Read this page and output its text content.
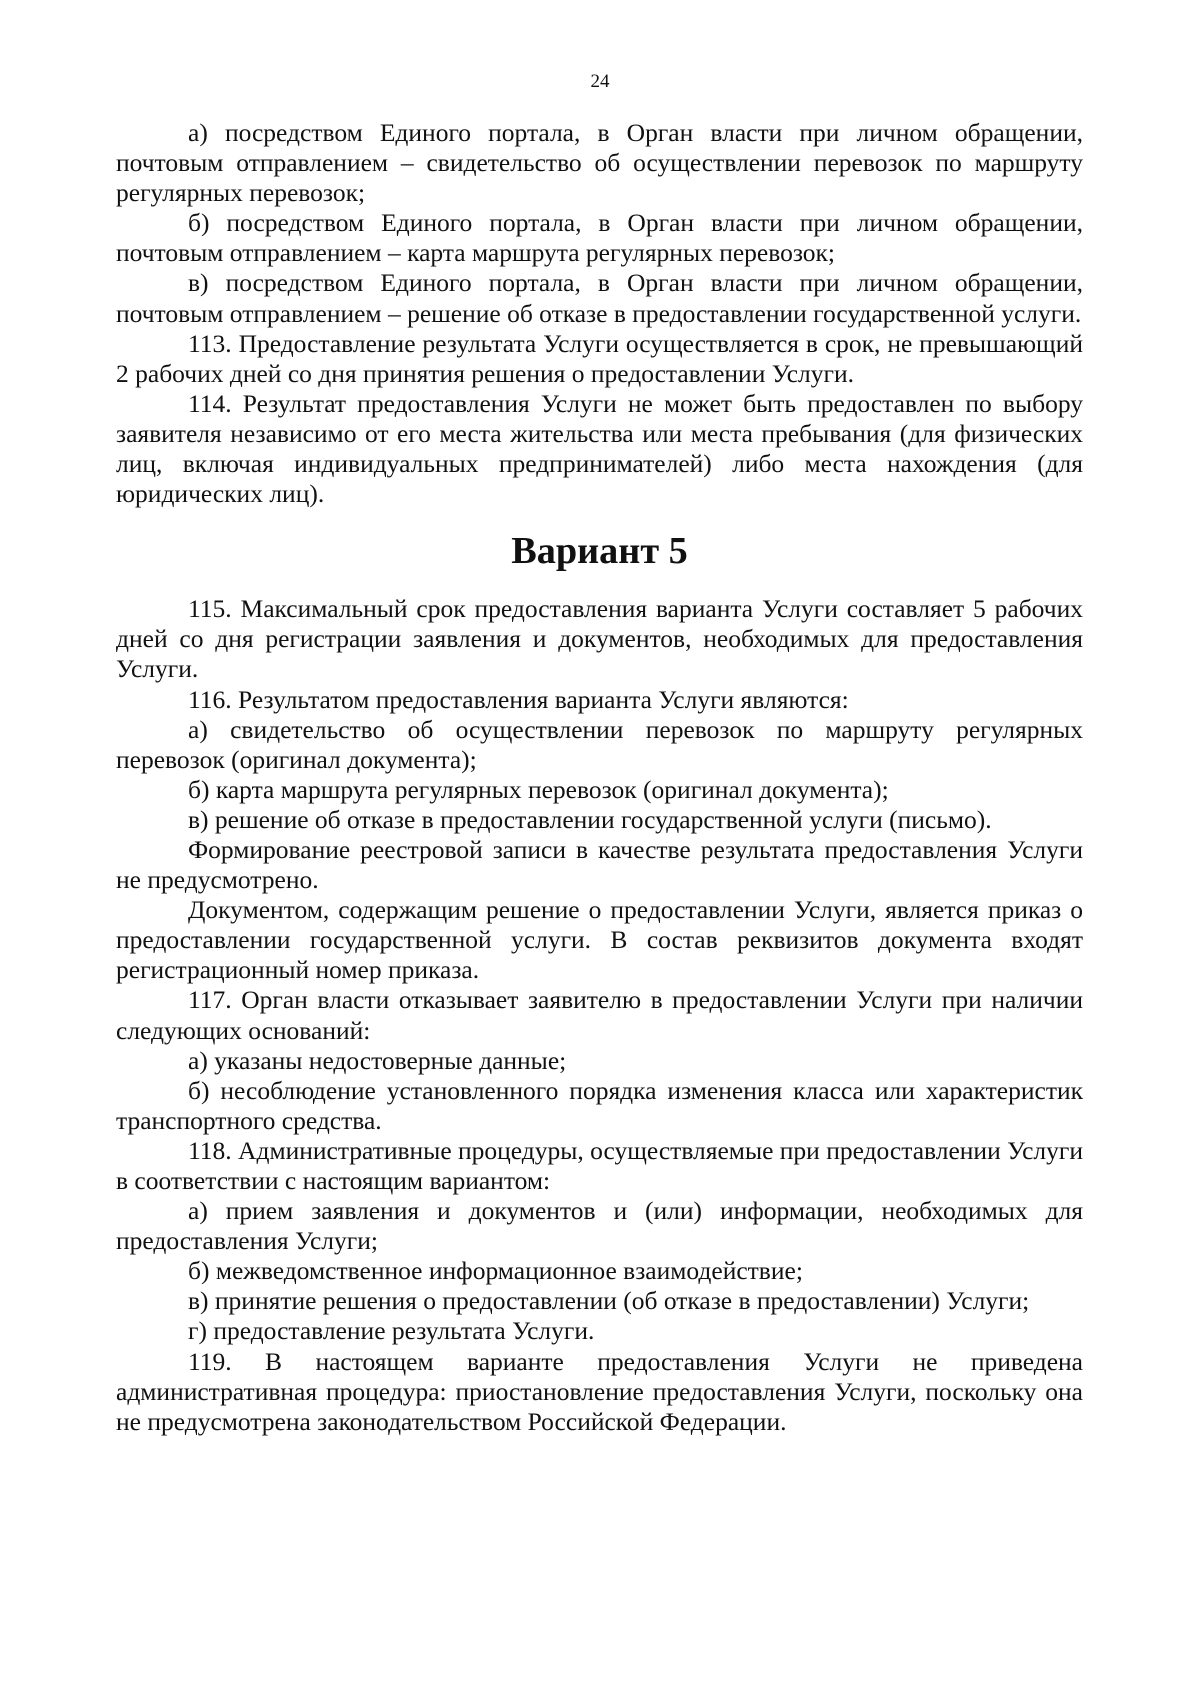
24

а) посредством Единого портала, в Орган власти при личном обращении, почтовым отправлением – свидетельство об осуществлении перевозок по маршруту регулярных перевозок;

б) посредством Единого портала, в Орган власти при личном обращении, почтовым отправлением – карта маршрута регулярных перевозок;

в) посредством Единого портала, в Орган власти при личном обращении, почтовым отправлением – решение об отказе в предоставлении государственной услуги.

113. Предоставление результата Услуги осуществляется в срок, не превышающий 2 рабочих дней со дня принятия решения о предоставлении Услуги.

114. Результат предоставления Услуги не может быть предоставлен по выбору заявителя независимо от его места жительства или места пребывания (для физических лиц, включая индивидуальных предпринимателей) либо места нахождения (для юридических лиц).

Вариант 5

115. Максимальный срок предоставления варианта Услуги составляет 5 рабочих дней со дня регистрации заявления и документов, необходимых для предоставления Услуги.

116. Результатом предоставления варианта Услуги являются:

а) свидетельство об осуществлении перевозок по маршруту регулярных перевозок (оригинал документа);

б) карта маршрута регулярных перевозок (оригинал документа);

в) решение об отказе в предоставлении государственной услуги (письмо).

Формирование реестровой записи в качестве результата предоставления Услуги не предусмотрено.

Документом, содержащим решение о предоставлении Услуги, является приказ о предоставлении государственной услуги. В состав реквизитов документа входят регистрационный номер приказа.

117. Орган власти отказывает заявителю в предоставлении Услуги при наличии следующих оснований:

а) указаны недостоверные данные;

б) несоблюдение установленного порядка изменения класса или характеристик транспортного средства.

118. Административные процедуры, осуществляемые при предоставлении Услуги в соответствии с настоящим вариантом:

а) прием заявления и документов и (или) информации, необходимых для предоставления Услуги;

б) межведомственное информационное взаимодействие;

в) принятие решения о предоставлении (об отказе в предоставлении) Услуги;

г) предоставление результата Услуги.

119. В настоящем варианте предоставления Услуги не приведена административная процедура: приостановление предоставления Услуги, поскольку она не предусмотрена законодательством Российской Федерации.
